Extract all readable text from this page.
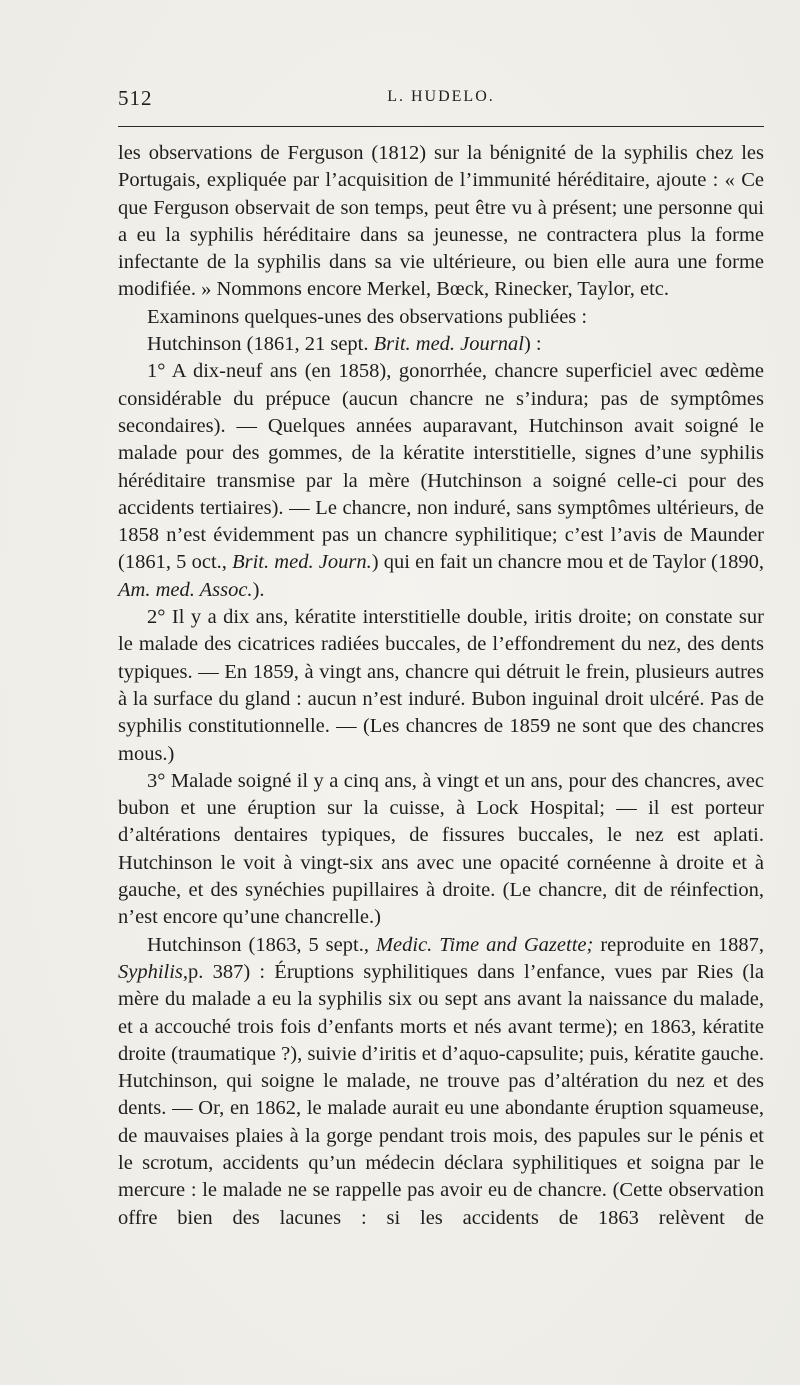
512	L. HUDELO.

les observations de Ferguson (1812) sur la bénignité de la syphilis chez les Portugais, expliquée par l’acquisition de l’immunité héréditaire, ajoute : « Ce que Ferguson observait de son temps, peut être vu à présent; une personne qui a eu la syphilis héréditaire dans sa jeunesse, ne contractera plus la forme infectante de la syphilis dans sa vie ultérieure, ou bien elle aura une forme modifiée. » Nommons encore Merkel, Bœck, Rinecker, Taylor, etc.

Examinons quelques-unes des observations publiées :

Hutchinson (1861, 21 sept. Brit. med. Journal) :

1° A dix-neuf ans (en 1858), gonorrhée, chancre superficiel avec œdème considérable du prépuce (aucun chancre ne s’indura; pas de symptômes secondaires). — Quelques années auparavant, Hutchinson avait soigné le malade pour des gommes, de la kératite interstitielle, signes d’une syphilis héréditaire transmise par la mère (Hutchinson a soigné celle-ci pour des accidents tertiaires). — Le chancre, non induré, sans symptômes ultérieurs, de 1858 n’est évidemment pas un chancre syphilitique; c’est l’avis de Maunder (1861, 5 oct., Brit. med. Journ.) qui en fait un chancre mou et de Taylor (1890, Am. med. Assoc.).

2° Il y a dix ans, kératite interstitielle double, iritis droite; on constate sur le malade des cicatrices radiées buccales, de l’effondrement du nez, des dents typiques. — En 1859, à vingt ans, chancre qui détruit le frein, plusieurs autres à la surface du gland : aucun n’est induré. Bubon inguinal droit ulcéré. Pas de syphilis constitutionnelle. — (Les chancres de 1859 ne sont que des chancres mous.)

3° Malade soigné il y a cinq ans, à vingt et un ans, pour des chancres, avec bubon et une éruption sur la cuisse, à Lock Hospital; — il est porteur d’altérations dentaires typiques, de fissures buccales, le nez est aplati. Hutchinson le voit à vingt-six ans avec une opacité cornéenne à droite et à gauche, et des synéchies pupillaires à droite. (Le chancre, dit de réinfection, n’est encore qu’une chancrelle.)

Hutchinson (1863, 5 sept., Medic. Time and Gazette; reproduite en 1887, Syphilis,p. 387) : Éruptions syphilitiques dans l’enfance, vues par Ries (la mère du malade a eu la syphilis six ou sept ans avant la naissance du malade, et a accouché trois fois d’enfants morts et nés avant terme); en 1863, kératite droite (traumatique ?), suivie d’iritis et d’aquo-capsulite; puis, kératite gauche. Hutchinson, qui soigne le malade, ne trouve pas d’altération du nez et des dents. — Or, en 1862, le malade aurait eu une abondante éruption squameuse, de mauvaises plaies à la gorge pendant trois mois, des papules sur le pénis et le scrotum, accidents qu’un médecin déclara syphilitiques et soigna par le mercure : le malade ne se rappelle pas avoir eu de chancre. (Cette observation offre bien des lacunes : si les accidents de 1863 relèvent de
